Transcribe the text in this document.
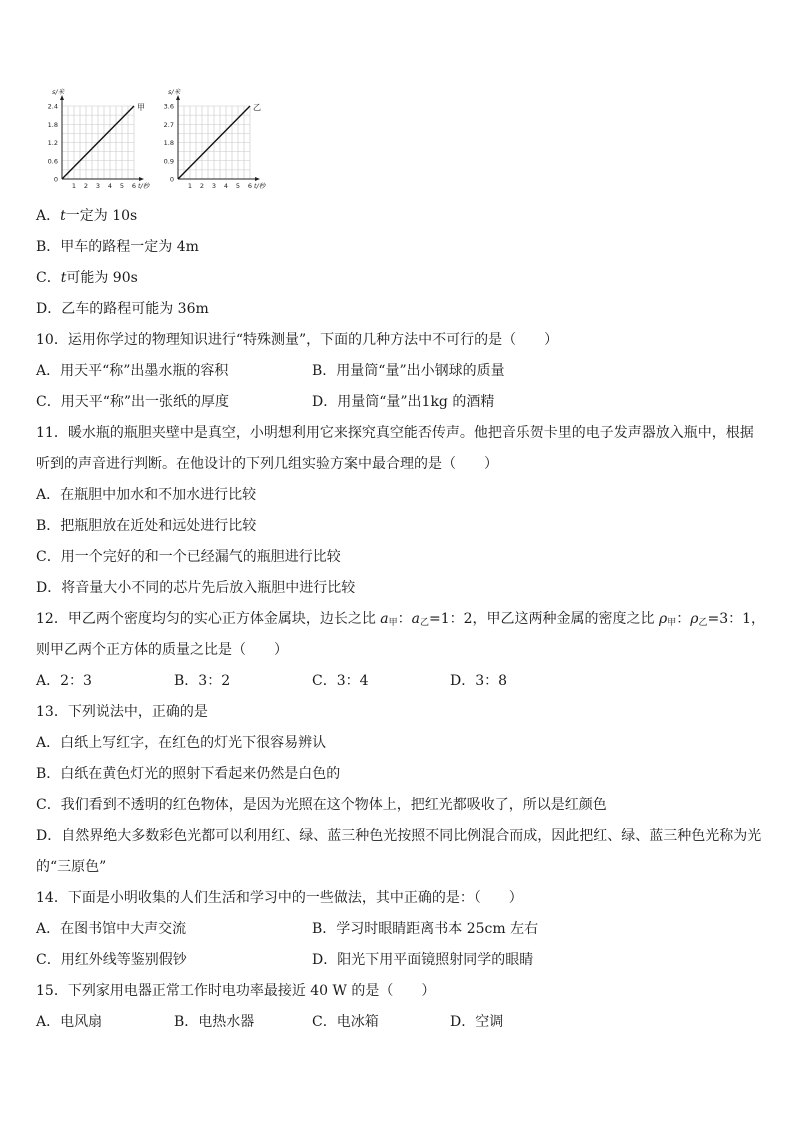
2.4
1.8
1.2
0.6
0
1 2 3 4 5 6
s/米
t/秒
甲	3.6
2.7
1.8
0.9
0
1 2 3 4 5 6
s/米
t/秒
乙
A．t一定为 10s
B．甲车的路程一定为 4m
C．t可能为 90s
D．乙车的路程可能为 36m
10．运用你学过的物理知识进行“特殊测量”，下面的几种方法中不可行的是（　　）
A．用天平“称”出墨水瓶的容积	B．用量筒“量”出小钢球的质量
C．用天平“称”出一张纸的厚度	D．用量筒“量”出1kg 的酒精
11．暖水瓶的瓶胆夹壁中是真空，小明想利用它来探究真空能否传声。他把音乐贺卡里的电子发声器放入瓶中，根据
听到的声音进行判断。在他设计的下列几组实验方案中最合理的是（　　）
A．在瓶胆中加水和不加水进行比较
B．把瓶胆放在近处和远处进行比较
C．用一个完好的和一个已经漏气的瓶胆进行比较
D．将音量大小不同的芯片先后放入瓶胆中进行比较
12．甲乙两个密度均匀的实心正方体金属块，边长之比 $a_甲$：$a_乙=1$：2，甲乙这两种金属的密度之比 $\rho_甲$：$\rho_乙=3$：1，
则甲乙两个正方体的质量之比是（　　）
A．2：3	B．3：2	C．3：4	D．3：8
13．下列说法中，正确的是
A．白纸上写红字，在红色的灯光下很容易辨认
B．白纸在黄色灯光的照射下看起来仍然是白色的
C．我们看到不透明的红色物体，是因为光照在这个物体上，把红光都吸收了，所以是红颜色
D．自然界绝大多数彩色光都可以利用红、绿、蓝三种色光按照不同比例混合而成，因此把红、绿、蓝三种色光称为光
的“三原色”
14．下面是小明收集的人们生活和学习中的一些做法，其中正确的是：（　　）
A．在图书馆中大声交流	B．学习时眼睛距离书本 25cm 左右
C．用红外线等鉴别假钞	D．阳光下用平面镜照射同学的眼睛
15．下列家用电器正常工作时电功率最接近 40 W 的是（　　）
A．电风扇	B．电热水器	C．电冰箱	D．空调
